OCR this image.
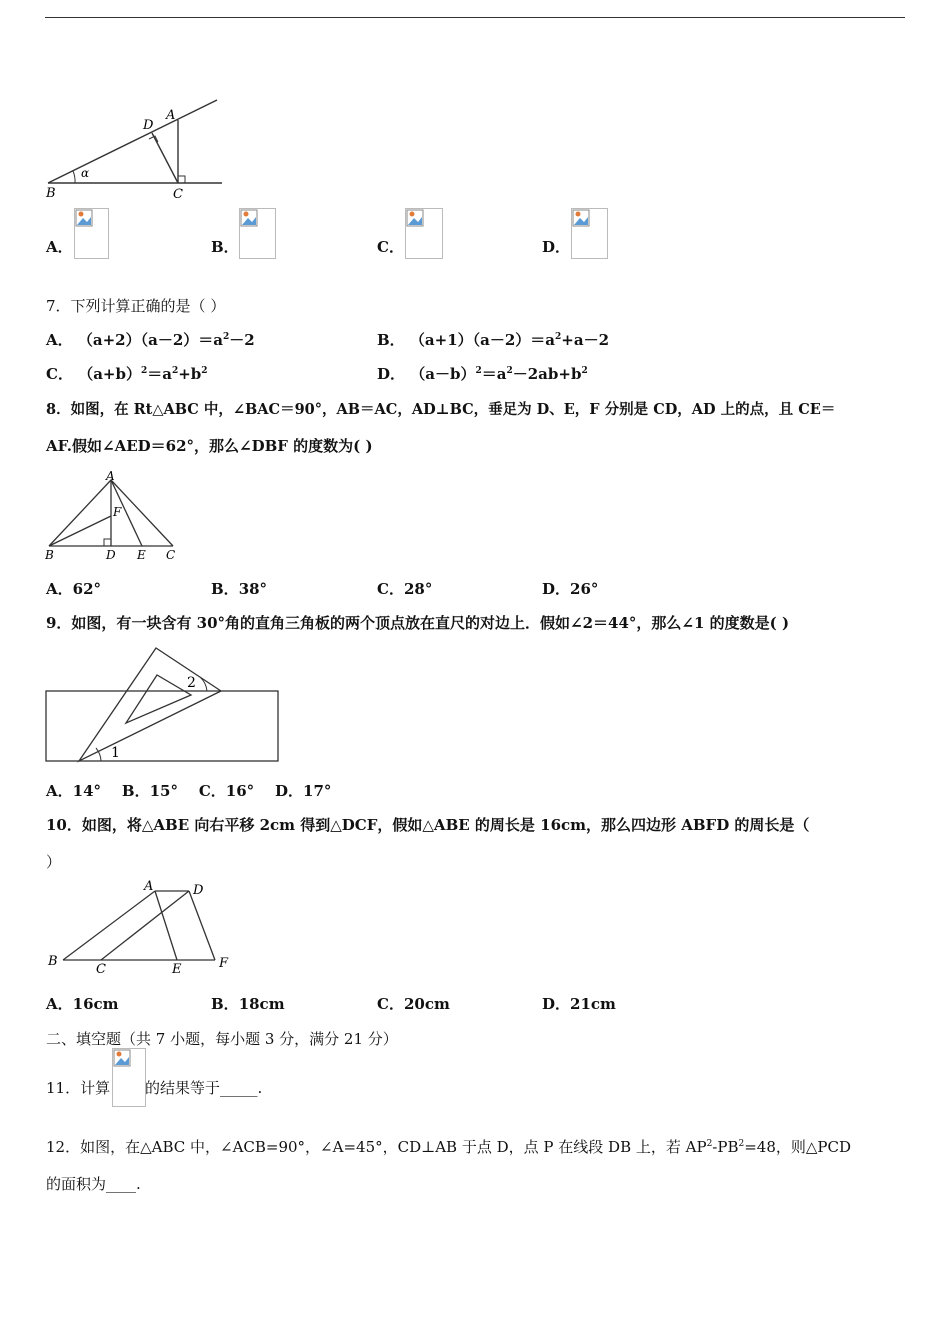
D
A
B	C
α
A．	B．	C．	D．
7．下列计算正确的是（ ）
A． $(a+2)(a-2)=a^2-2$	B． $(a+1)(a-2)=a^2+a-2$
C． $(a+b)^2=a^2+b^2$	D． $(a-b)^2=a^2-2ab+b^2$
8．如图，在 Rt△ABC 中，∠BAC＝90°，AB＝AC，AD⊥BC，垂足为 D、E，F 分别是 CD，AD 上的点，且 CE＝
AF.假如∠AED＝62°，那么∠DBF 的度数为( )
A
F
B	D E C
A．62°	B．38°	C．28°	D．26°
9．如图，有一块含有 30°角的直角三角板的两个顶点放在直尺的对边上．假如∠2＝44°，那么∠1 的度数是( )
2
1
A．14°    B．15°    C．16°    D．17°
10．如图，将△ABE 向右平移 2cm 得到△DCF，假如△ABE 的周长是 16cm，那么四边形 ABFD 的周长是（
）
A	D
B
C	E	F
A．16cm	B．18cm	C．20cm	D．21cm
二、填空题（共 7 小题，每小题 3 分，满分 21 分）
11．计算 的结果等于_____.
12．如图，在△ABC 中，∠ACB=90°，∠A=45°，CD⊥AB 于点 D，点 P 在线段 DB 上，若 $AP^2-PB^2=48$，则△PCD
的面积为____.
